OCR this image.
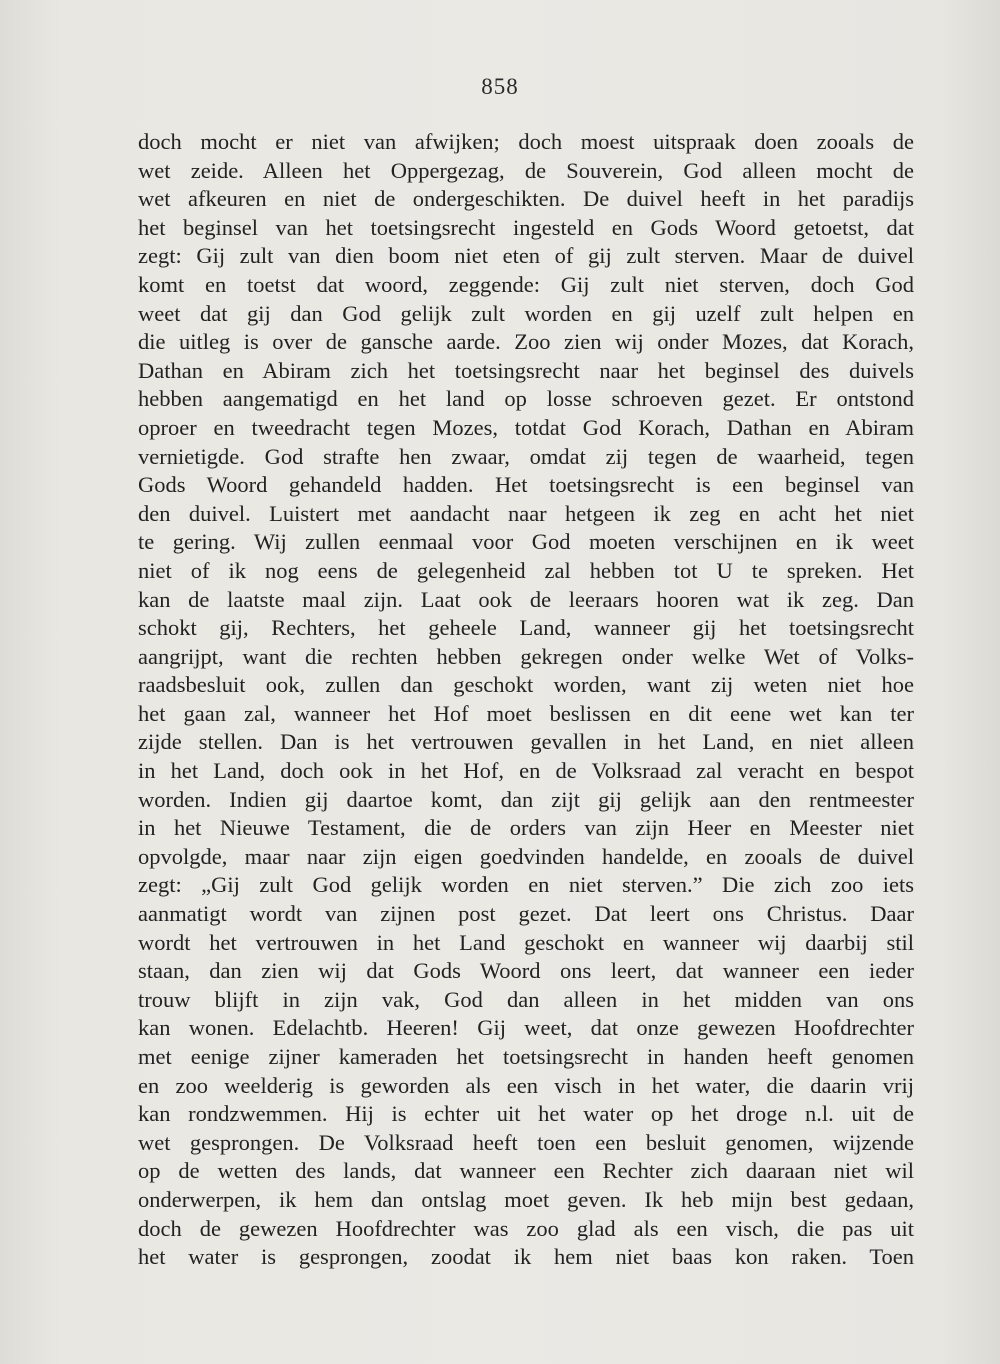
858

doch mocht er niet van afwijken; doch moest uitspraak doen zooals de
wet zeide. Alleen het Oppergezag, de Souverein, God alleen mocht de
wet afkeuren en niet de ondergeschikten. De duivel heeft in het paradijs
het beginsel van het toetsingsrecht ingesteld en Gods Woord getoetst, dat
zegt: Gij zult van dien boom niet eten of gij zult sterven. Maar de duivel
komt en toetst dat woord, zeggende: Gij zult niet sterven, doch God
weet dat gij dan God gelijk zult worden en gij uzelf zult helpen en
die uitleg is over de gansche aarde. Zoo zien wij onder Mozes, dat Korach,
Dathan en Abiram zich het toetsingsrecht naar het beginsel des duivels
hebben aangematigd en het land op losse schroeven gezet. Er ontstond
oproer en tweedracht tegen Mozes, totdat God Korach, Dathan en Abiram
vernietigde. God strafte hen zwaar, omdat zij tegen de waarheid, tegen
Gods Woord gehandeld hadden. Het toetsingsrecht is een beginsel van
den duivel. Luistert met aandacht naar hetgeen ik zeg en acht het niet
te gering. Wij zullen eenmaal voor God moeten verschijnen en ik weet
niet of ik nog eens de gelegenheid zal hebben tot U te spreken. Het
kan de laatste maal zijn. Laat ook de leeraars hooren wat ik zeg. Dan
schokt gij, Rechters, het geheele Land, wanneer gij het toetsingsrecht
aangrijpt, want die rechten hebben gekregen onder welke Wet of Volks-
raadsbesluit ook, zullen dan geschokt worden, want zij weten niet hoe
het gaan zal, wanneer het Hof moet beslissen en dit eene wet kan ter
zijde stellen. Dan is het vertrouwen gevallen in het Land, en niet alleen
in het Land, doch ook in het Hof, en de Volksraad zal veracht en bespot
worden. Indien gij daartoe komt, dan zijt gij gelijk aan den rentmeester
in het Nieuwe Testament, die de orders van zijn Heer en Meester niet
opvolgde, maar naar zijn eigen goedvinden handelde, en zooals de duivel
zegt: „Gij zult God gelijk worden en niet sterven.” Die zich zoo iets
aanmatigt wordt van zijnen post gezet. Dat leert ons Christus. Daar
wordt het vertrouwen in het Land geschokt en wanneer wij daarbij stil
staan, dan zien wij dat Gods Woord ons leert, dat wanneer een ieder
trouw blijft in zijn vak, God dan alleen in het midden van ons
kan wonen. Edelachtb. Heeren! Gij weet, dat onze gewezen Hoofdrechter
met eenige zijner kameraden het toetsingsrecht in handen heeft genomen
en zoo weelderig is geworden als een visch in het water, die daarin vrij
kan rondzwemmen. Hij is echter uit het water op het droge n.l. uit de
wet gesprongen. De Volksraad heeft toen een besluit genomen, wijzende
op de wetten des lands, dat wanneer een Rechter zich daaraan niet wil
onderwerpen, ik hem dan ontslag moet geven. Ik heb mijn best gedaan,
doch de gewezen Hoofdrechter was zoo glad als een visch, die pas uit
het water is gesprongen, zoodat ik hem niet baas kon raken. Toen
